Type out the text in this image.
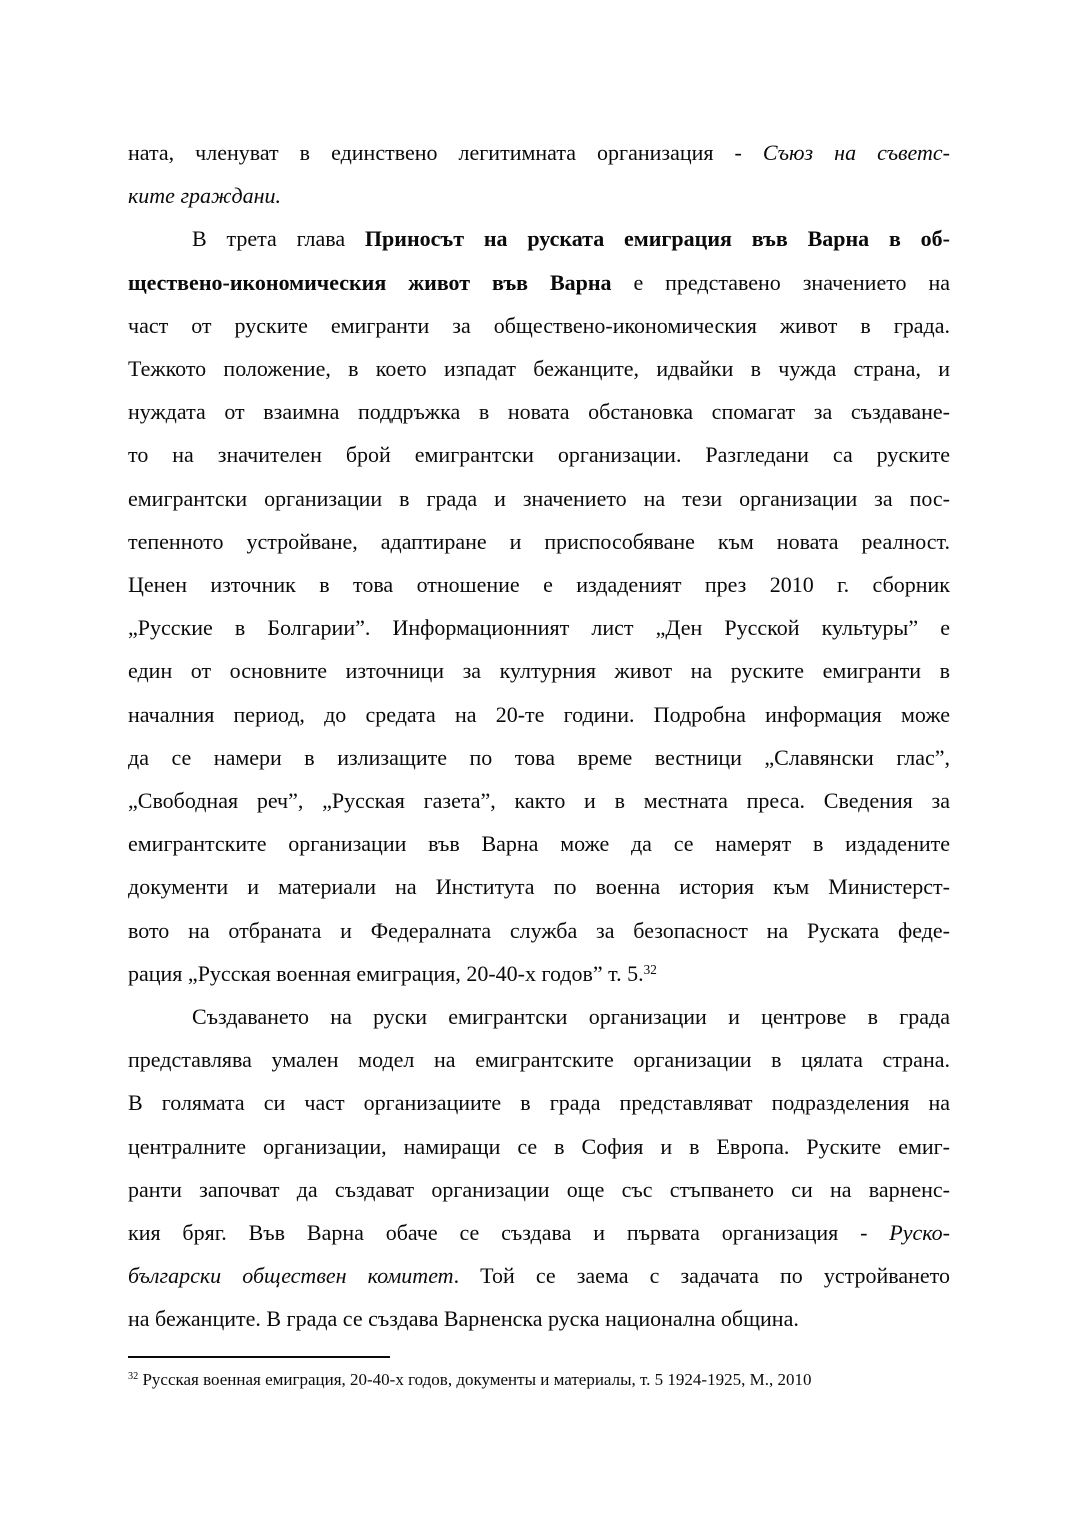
ната, членуват в единствено легитимната организация - Съюз на съветс-
ките граждани.
В трета глава Приносът на руската емиграция във Варна в об-
ществено-икономическия живот във Варна е представено значението на
част от руските емигранти за обществено-икономическия живот в града.
Тежкото положение, в което изпадат бежанците, идвайки в чужда страна, и
нуждата от взаимна поддръжка в новата обстановка спомагат за създаване-
то на значителен брой емигрантски организации. Разгледани са руските
емигрантски организации в града и значението на тези организации за пос-
тепенното устройване, адаптиране и приспособяване към новата реалност.
Ценен източник в това отношение е издаденият през 2010 г. сборник
„Русские в Болгарии”. Информационният лист „Ден Русской культуры” е
един от основните източници за културния живот на руските емигранти в
началния период, до средата на 20-те години. Подробна информация може
да се намери в излизащите по това време вестници „Славянски глас”,
„Свободная реч”, „Русская газета”, както и в местната преса. Сведения за
емигрантските организации във Варна може да се намерят в издадените
документи и материали на Института по военна история към Министерст-
вото на отбраната и Федералната служба за безопасност на Руската феде-
рация „Русская военная емиграция, 20-40-х годов” т. 5.32
Създаването на руски емигрантски организации и центрове в града
представлява умален модел на емигрантските организации в цялата страна.
В голямата си част организациите в града представляват подразделения на
централните организации, намиращи се в София и в Европа. Руските емиг-
ранти започват да създават организации още със стъпването си на варненс-
кия бряг. Във Варна обаче се създава и първата организация - Руско-
български обществен комитет. Той се заема с задачата по устройването
на бежанците. В града се създава Варненска руска национална община.
$^{32}$ Русская военная емиграция, 20-40-х годов, документы и материалы, т. 5 1924-1925, М., 2010
